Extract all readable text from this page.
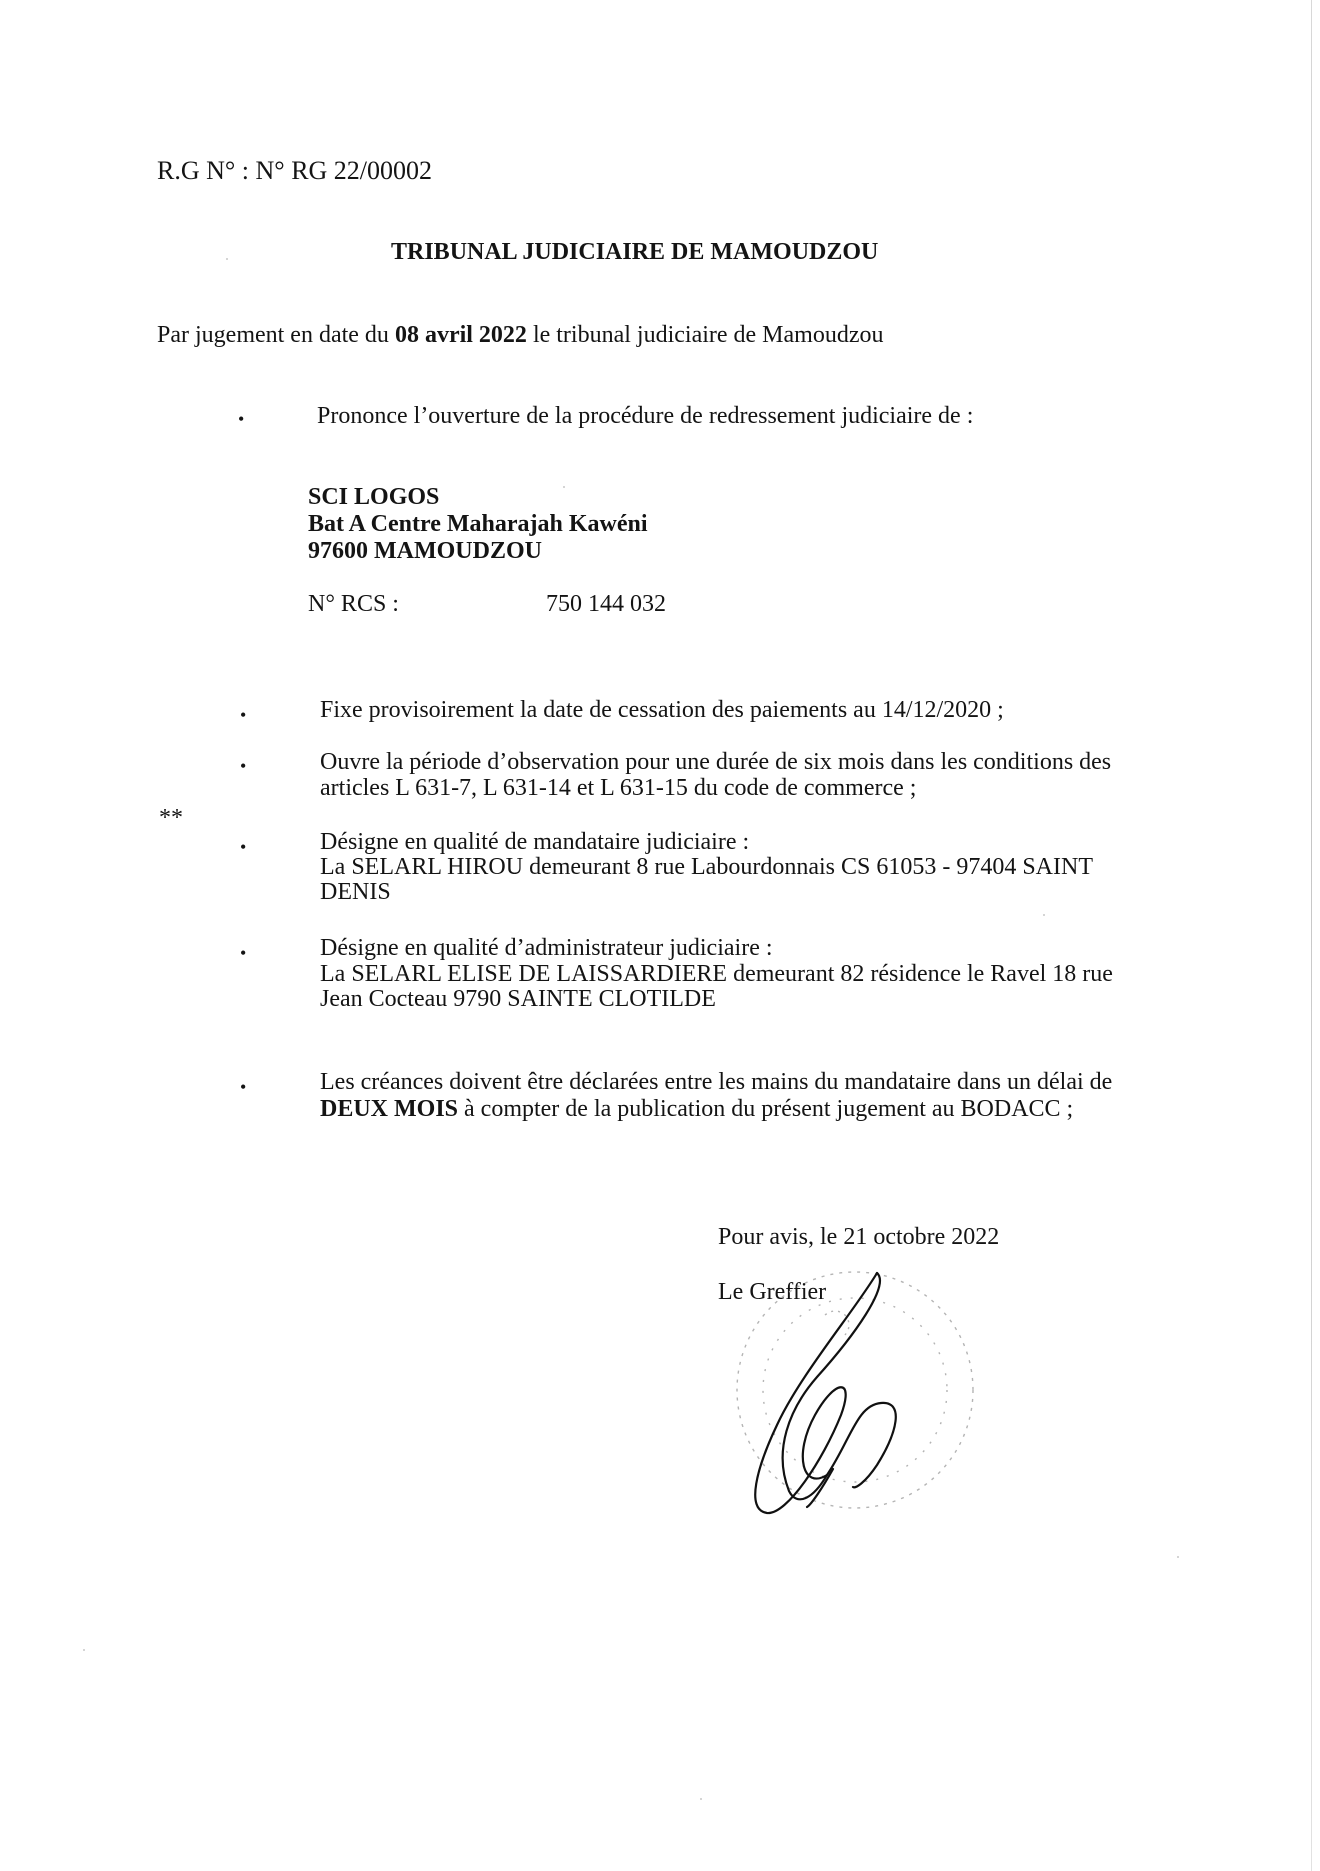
R.G N° : N° RG 22/00002
TRIBUNAL JUDICIAIRE DE MAMOUDZOU
Par jugement en date du 08 avril 2022 le tribunal judiciaire de Mamoudzou
•	Prononce l’ouverture de la procédure de redressement judiciaire de :
SCI LOGOS
Bat A Centre Maharajah Kawéni
97600 MAMOUDZOU
N° RCS :	750 144 032
•	Fixe provisoirement la date de cessation des paiements au 14/12/2020 ;
•	Ouvre la période d’observation pour une durée de six mois dans les conditions des
articles L 631-7, L 631-14 et L 631-15 du code de commerce ;
**
•	Désigne en qualité de mandataire judiciaire :
La SELARL HIROU demeurant 8 rue Labourdonnais CS 61053 - 97404 SAINT
DENIS
•	Désigne en qualité d’administrateur judiciaire :
La SELARL ELISE DE LAISSARDIERE demeurant 82 résidence le Ravel 18 rue
Jean Cocteau 9790 SAINTE CLOTILDE
•	Les créances doivent être déclarées entre les mains du mandataire dans un délai de
DEUX MOIS à compter de la publication du présent jugement au BODACC ;
Pour avis, le 21 octobre 2022
Le Greffier
